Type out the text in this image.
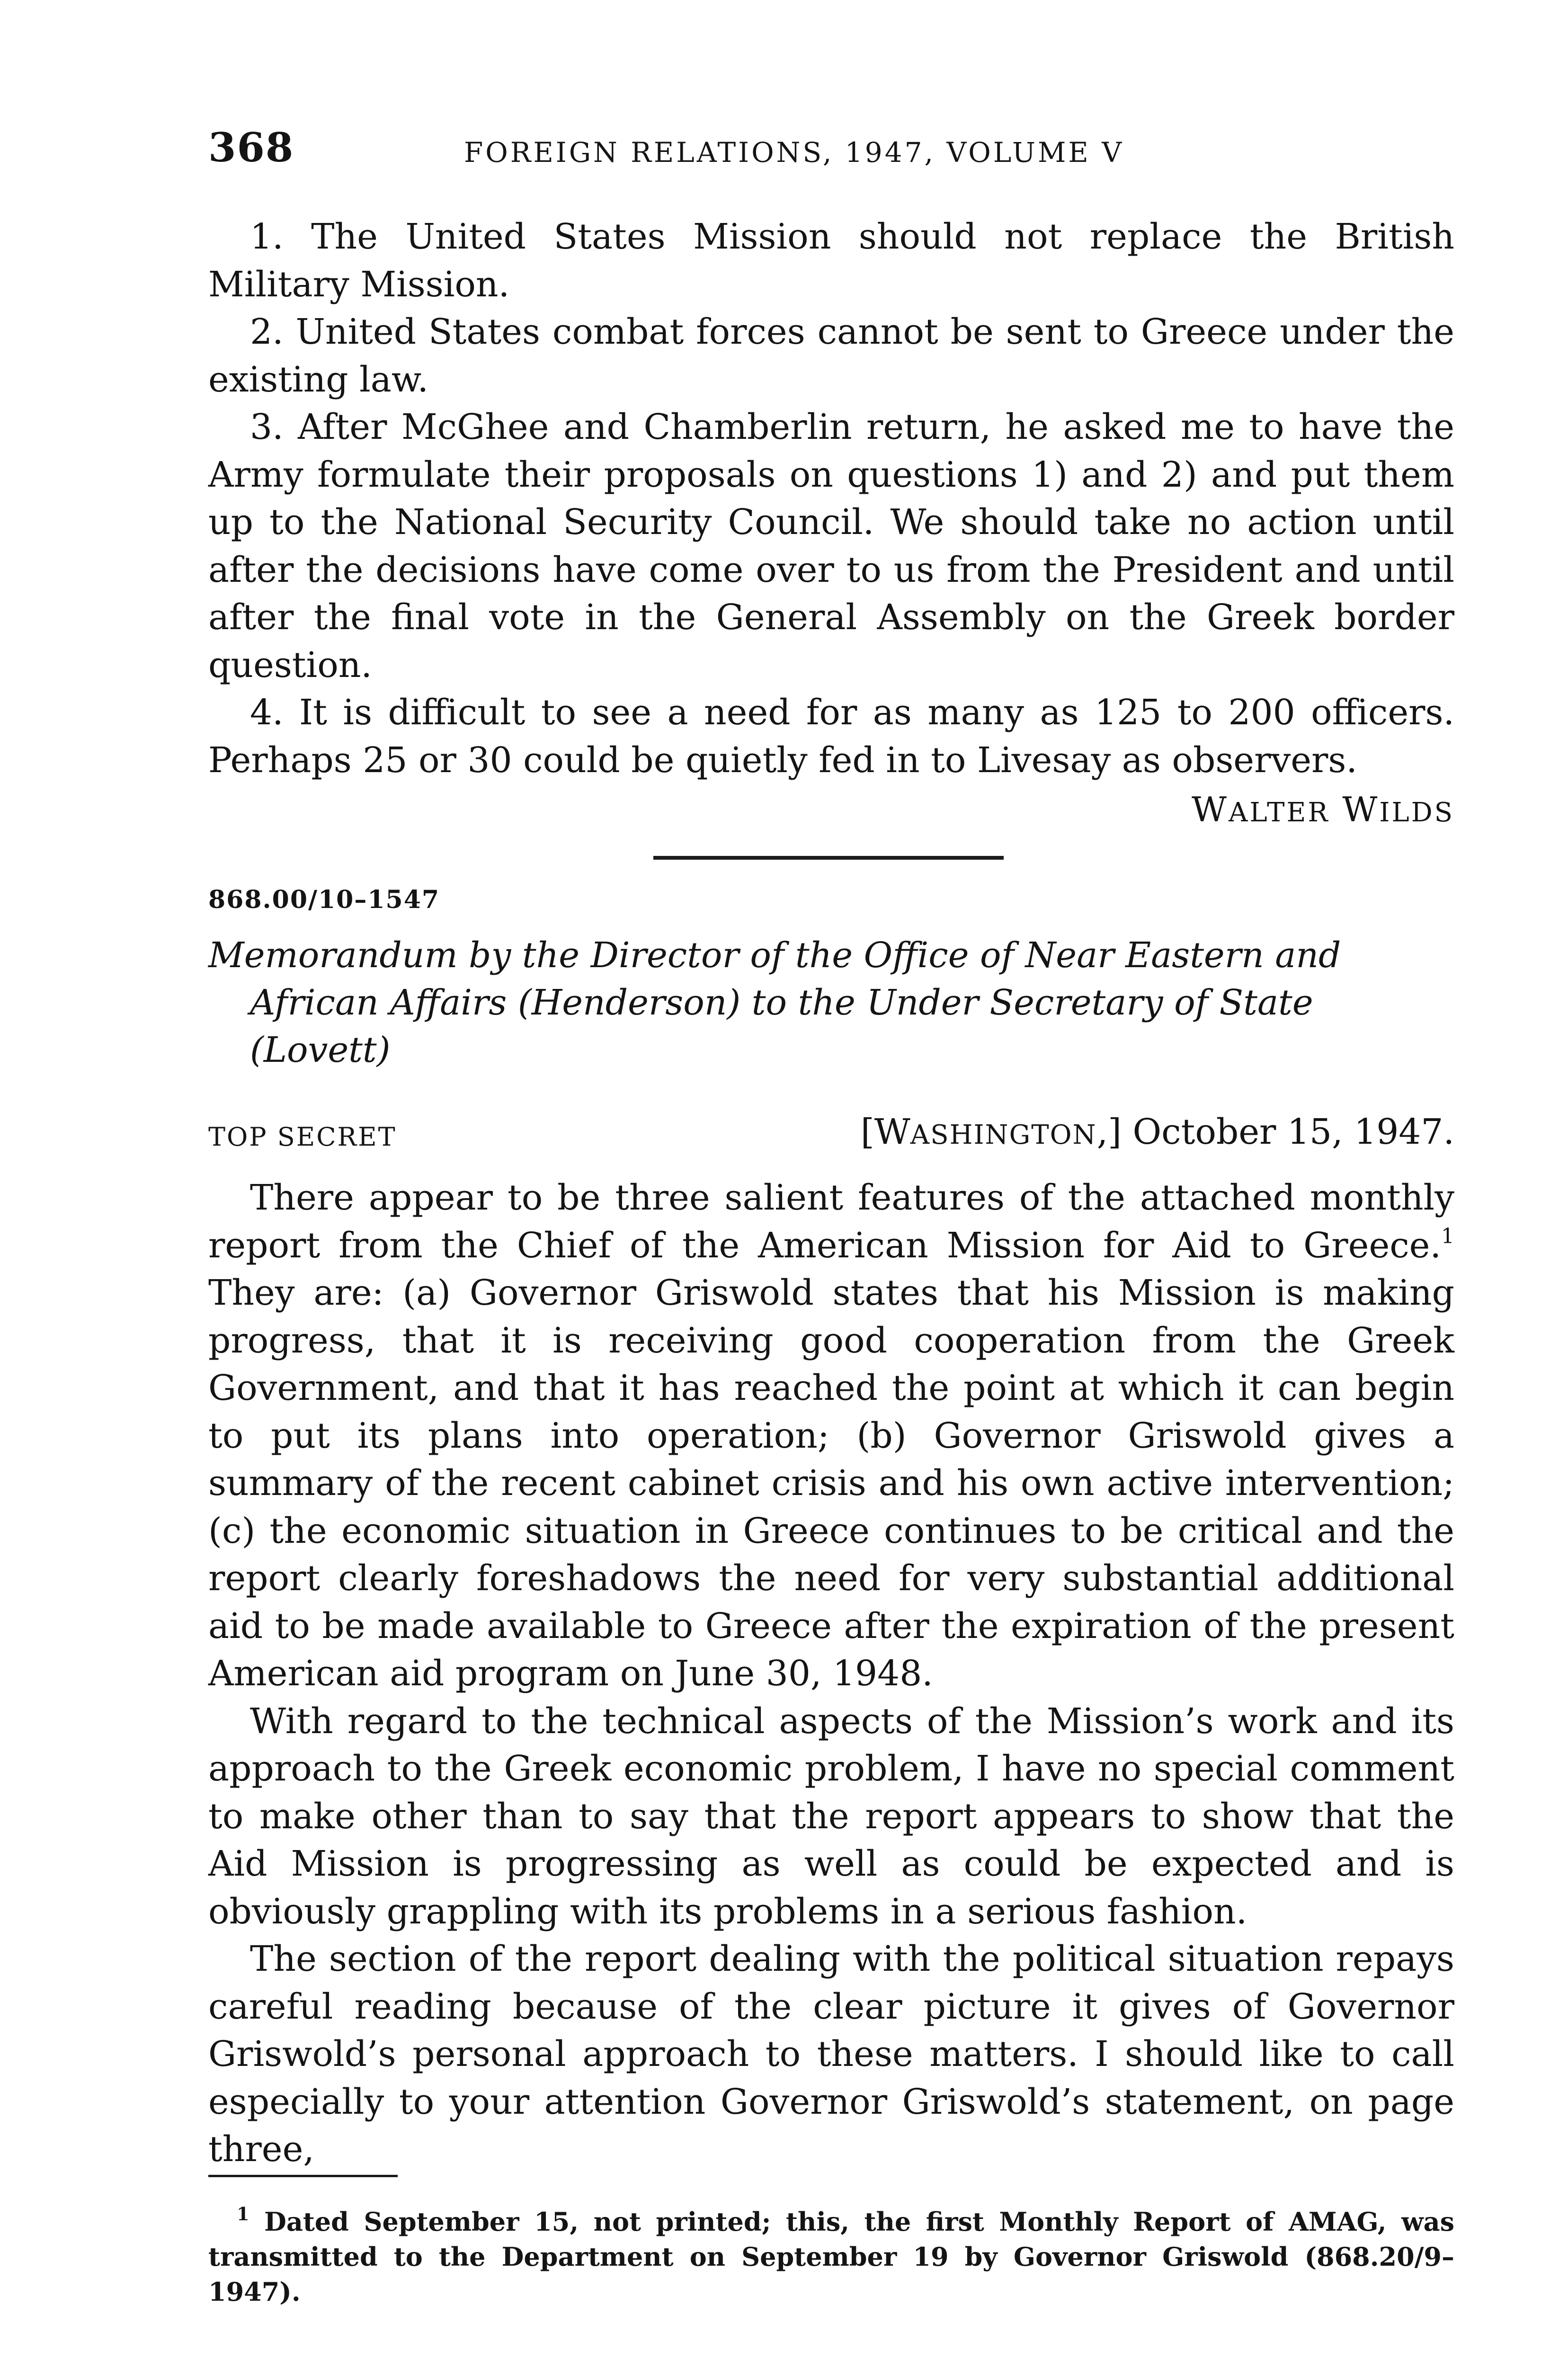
368	FOREIGN RELATIONS, 1947, VOLUME V

1. The United States Mission should not replace the British Military Mission.

2. United States combat forces cannot be sent to Greece under the existing law.

3. After McGhee and Chamberlin return, he asked me to have the Army formulate their proposals on questions 1) and 2) and put them up to the National Security Council. We should take no action until after the decisions have come over to us from the President and until after the final vote in the General Assembly on the Greek border question.

4. It is difficult to see a need for as many as 125 to 200 officers. Perhaps 25 or 30 could be quietly fed in to Livesay as observers.

WALTER WILDS
868.00/10–1547
Memorandum by the Director of the Office of Near Eastern and
African Affairs (Henderson) to the Under Secretary of State (Lovett)
TOP SECRET	[WASHINGTON,] October 15, 1947.

There appear to be three salient features of the attached monthly report from the Chief of the American Mission for Aid to Greece.$^1$ They are: (a) Governor Griswold states that his Mission is making progress, that it is receiving good cooperation from the Greek Government, and that it has reached the point at which it can begin to put its plans into operation; (b) Governor Griswold gives a summary of the recent cabinet crisis and his own active intervention; (c) the economic situation in Greece continues to be critical and the report clearly foreshadows the need for very substantial additional aid to be made available to Greece after the expiration of the present American aid program on June 30, 1948.

With regard to the technical aspects of the Mission’s work and its approach to the Greek economic problem, I have no special comment to make other than to say that the report appears to show that the Aid Mission is progressing as well as could be expected and is obviously grappling with its problems in a serious fashion.

The section of the report dealing with the political situation repays careful reading because of the clear picture it gives of Governor Griswold’s personal approach to these matters. I should like to call especially to your attention Governor Griswold’s statement, on page three,

$^1$ Dated September 15, not printed; this, the first Monthly Report of AMAG, was transmitted to the Department on September 19 by Governor Griswold (868.20/9–1947).
